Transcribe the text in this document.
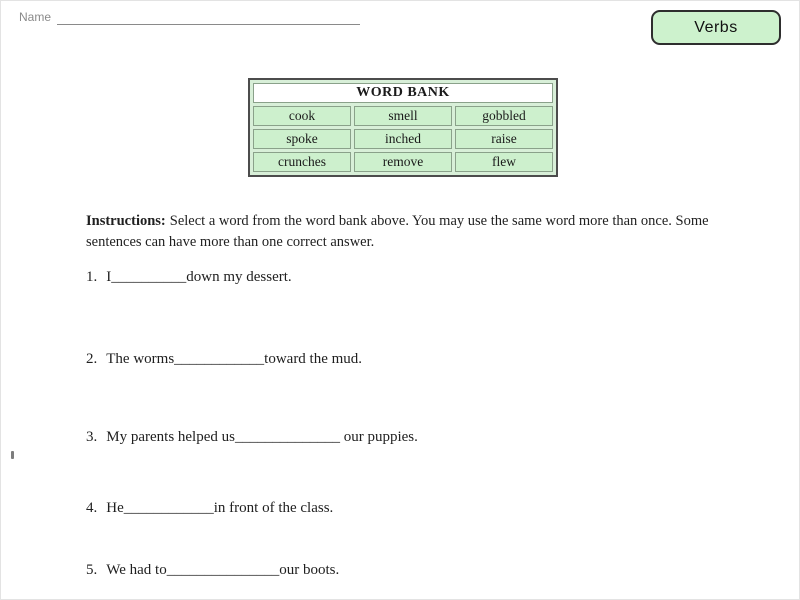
Name
Verbs
WORD BANK		
cook	smell	gobbled
spoke	inched	raise
crunches	remove	flew
Instructions: Select a word from the word bank above. You may use the same word more than once. Some sentences can have more than one correct answer.
1. I__________down my dessert.
2. The worms____________toward the mud.
3. My parents helped us______________ our puppies.
4. He____________in front of the class.
5. We had to_______________our boots.
